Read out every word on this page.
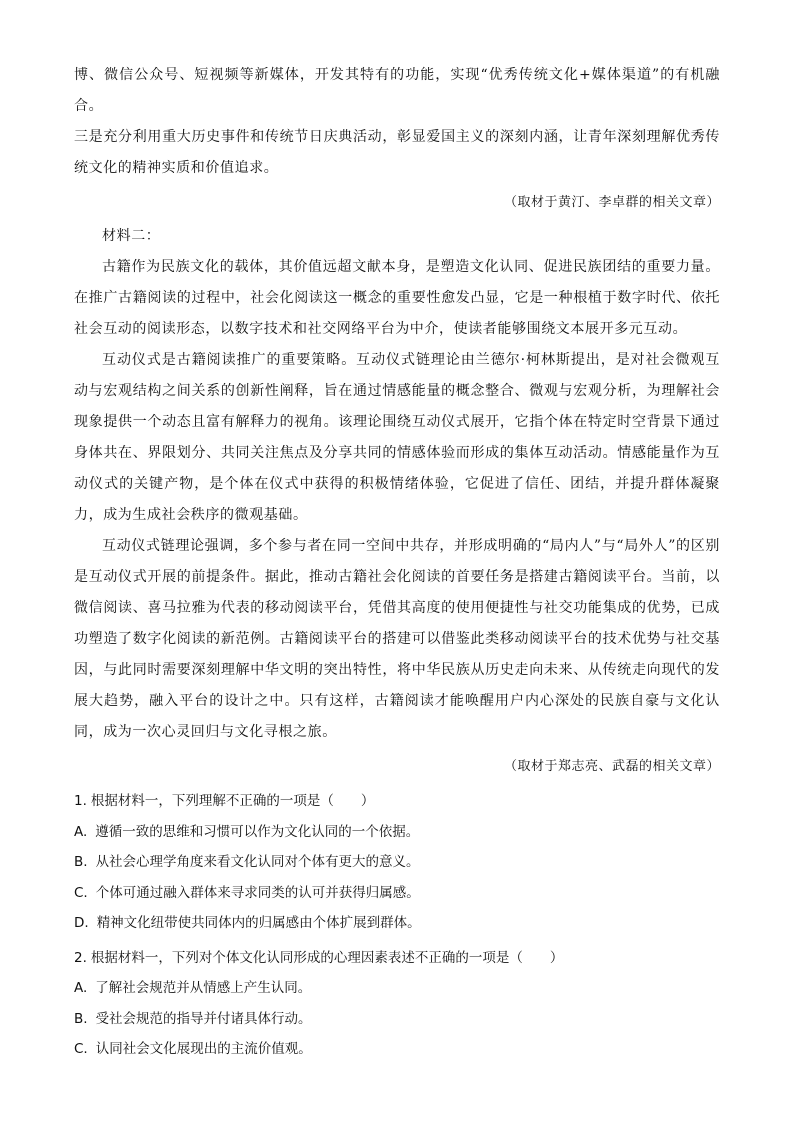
博、微信公众号、短视频等新媒体，开发其特有的功能，实现“优秀传统文化+媒体渠道”的有机融合。

三是充分利用重大历史事件和传统节日庆典活动，彰显爱国主义的深刻内涵，让青年深刻理解优秀传统文化的精神实质和价值追求。

（取材于黄汀、李卓群的相关文章）

材料二：

古籍作为民族文化的载体，其价值远超文献本身，是塑造文化认同、促进民族团结的重要力量。在推广古籍阅读的过程中，社会化阅读这一概念的重要性愈发凸显，它是一种根植于数字时代、依托社会互动的阅读形态，以数字技术和社交网络平台为中介，使读者能够围绕文本展开多元互动。

互动仪式是古籍阅读推广的重要策略。互动仪式链理论由兰德尔·柯林斯提出，是对社会微观互动与宏观结构之间关系的创新性阐释，旨在通过情感能量的概念整合、微观与宏观分析，为理解社会现象提供一个动态且富有解释力的视角。该理论围绕互动仪式展开，它指个体在特定时空背景下通过身体共在、界限划分、共同关注焦点及分享共同的情感体验而形成的集体互动活动。情感能量作为互动仪式的关键产物，是个体在仪式中获得的积极情绪体验，它促进了信任、团结，并提升群体凝聚力，成为生成社会秩序的微观基础。

互动仪式链理论强调，多个参与者在同一空间中共存，并形成明确的“局内人”与“局外人”的区别是互动仪式开展的前提条件。据此，推动古籍社会化阅读的首要任务是搭建古籍阅读平台。当前，以微信阅读、喜马拉雅为代表的移动阅读平台，凭借其高度的使用便捷性与社交功能集成的优势，已成功塑造了数字化阅读的新范例。古籍阅读平台的搭建可以借鉴此类移动阅读平台的技术优势与社交基因，与此同时需要深刻理解中华文明的突出特性，将中华民族从历史走向未来、从传统走向现代的发展大趋势，融入平台的设计之中。只有这样，古籍阅读才能唤醒用户内心深处的民族自豪与文化认同，成为一次心灵回归与文化寻根之旅。

（取材于郑志亮、武磊的相关文章）

1. 根据材料一，下列理解不正确的一项是（　　）

A. 遵循一致的思维和习惯可以作为文化认同的一个依据。

B. 从社会心理学角度来看文化认同对个体有更大的意义。

C. 个体可通过融入群体来寻求同类的认可并获得归属感。

D. 精神文化纽带使共同体内的归属感由个体扩展到群体。

2. 根据材料一，下列对个体文化认同形成的心理因素表述不正确的一项是（　　）

A. 了解社会规范并从情感上产生认同。

B. 受社会规范的指导并付诸具体行动。

C. 认同社会文化展现出的主流价值观。
